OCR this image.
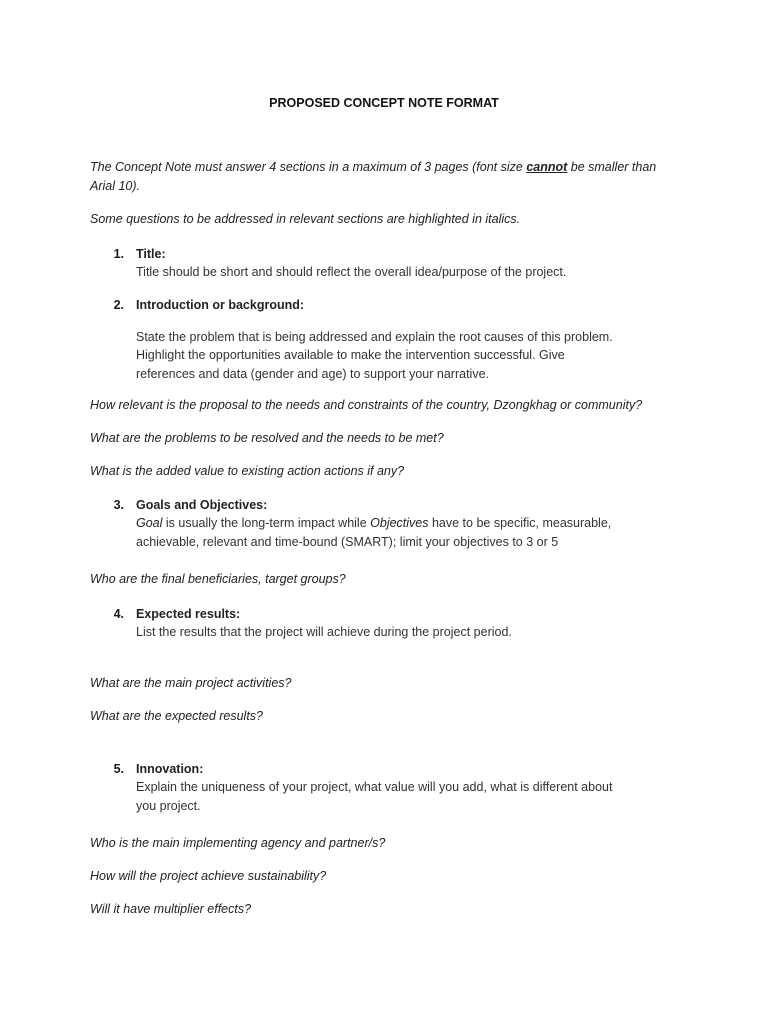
PROPOSED CONCEPT NOTE FORMAT

The Concept Note must answer 4 sections in a maximum of 3 pages (font size cannot be smaller than

Arial 10).

Some questions to be addressed in relevant sections are highlighted in italics.

1. Title:

Title should be short and should reflect the overall idea/purpose of the project.

2. Introduction or background:

State the problem that is being addressed and explain the root causes of this problem.

Highlight the opportunities available to make the intervention successful. Give

references and data (gender and age) to support your narrative.

How relevant is the proposal to the needs and constraints of the country, Dzongkhag or community?

What are the problems to be resolved and the needs to be met?

What is the added value to existing action actions if any?

3. Goals and Objectives:

Goal is usually the long-term impact while Objectives have to be specific, measurable,

achievable, relevant and time-bound (SMART); limit your objectives to 3 or 5

Who are the final beneficiaries, target groups?

4. Expected results:

List the results that the project will achieve during the project period.

What are the main project activities?

What are the expected results?

5. Innovation:

Explain the uniqueness of your project, what value will you add, what is different about

you project.

Who is the main implementing agency and partner/s?

How will the project achieve sustainability?

Will it have multiplier effects?
